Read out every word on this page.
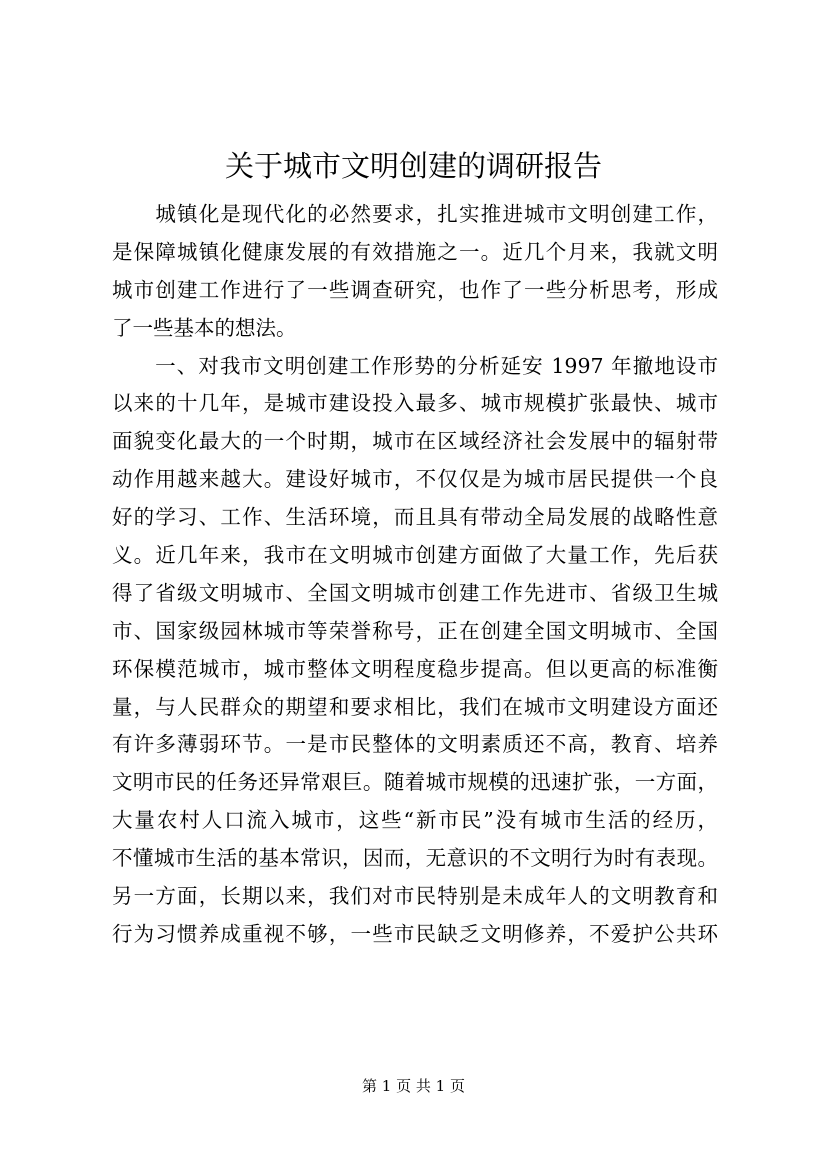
关于城市文明创建的调研报告
　　城镇化是现代化的必然要求，扎实推进城市文明创建工作，
是保障城镇化健康发展的有效措施之一。近几个月来，我就文明
城市创建工作进行了一些调查研究，也作了一些分析思考，形成
了一些基本的想法。
　　一、对我市文明创建工作形势的分析延安 1997 年撤地设市
以来的十几年，是城市建设投入最多、城市规模扩张最快、城市
面貌变化最大的一个时期，城市在区域经济社会发展中的辐射带
动作用越来越大。建设好城市，不仅仅是为城市居民提供一个良
好的学习、工作、生活环境，而且具有带动全局发展的战略性意
义。近几年来，我市在文明城市创建方面做了大量工作，先后获
得了省级文明城市、全国文明城市创建工作先进市、省级卫生城
市、国家级园林城市等荣誉称号，正在创建全国文明城市、全国
环保模范城市，城市整体文明程度稳步提高。但以更高的标准衡
量，与人民群众的期望和要求相比，我们在城市文明建设方面还
有许多薄弱环节。一是市民整体的文明素质还不高，教育、培养
文明市民的任务还异常艰巨。随着城市规模的迅速扩张，一方面，
大量农村人口流入城市，这些“新市民”没有城市生活的经历，
不懂城市生活的基本常识，因而，无意识的不文明行为时有表现。
另一方面，长期以来，我们对市民特别是未成年人的文明教育和
行为习惯养成重视不够，一些市民缺乏文明修养，不爱护公共环
第 1 页 共 1 页
